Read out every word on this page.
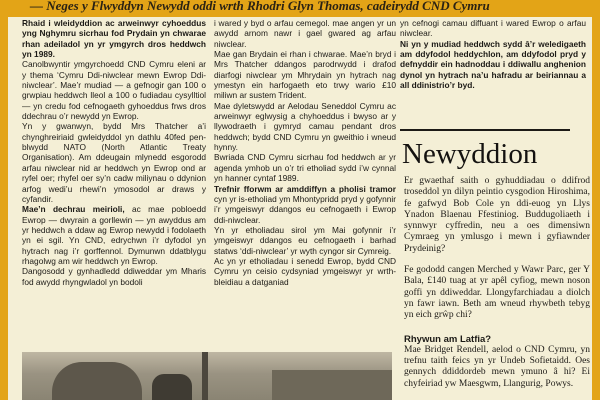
— Neges y Flwyddyn Newydd oddi wrth Rhodri Glyn Thomas, cadeirydd CND Cymru

Rhaid i wleidyddion ac arweinwyr cyhoeddus yng Nghymru sicrhau fod Prydain yn chwarae rhan adeiladol yn yr ymgyrch dros heddwch yn 1989.

Canolbwyntir ymgyrchoedd CND Cymru eleni ar y thema ‘Cymru Ddi-niwclear mewn Ewrop Ddi-niwclear’. Mae’r mudiad — a gefnogir gan 100 o grwpiau heddwch lleol a 100 o fudiadau cysylltiol — yn credu fod cefnogaeth gyhoeddus frws dros ddechrau o’r newydd yn Ewrop.

Yn y gwanwyn, bydd Mrs Thatcher a’i chynghreiriaid gwleidyddol yn dathlu 40fed pen-blwydd NATO (North Atlantic Treaty Organisation). Am ddeugain mlynedd esgorodd arfau niwclear nid ar heddwch yn Ewrop ond ar ryfel oer; rhyfel oer sy’n cadw miliynau o ddynion arfog wedi’u rhewi’n ymosodol ar draws y cyfandir.

Mae’n dechrau meirioli, ac mae pobloedd Ewrop — dwyrain a gorllewin — yn awyddus am yr heddwch a ddaw ag Ewrop newydd i fodolaeth yn ei sgil. Yn CND, edrychwn i’r dyfodol yn hytrach nag i’r gorffennol. Dymunwn ddatblygu rhagolwg am wir heddwch yn Ewrop.

Dangosodd y gynhadledd ddiweddar ym Mharis fod awydd rhyngwladol yn bodoli

i wared y byd o arfau cemegol. mae angen yr un awydd arnom nawr i gael gwared ag arfau niwclear.

Mae gan Brydain ei rhan i chwarae. Mae’n bryd i Mrs Thatcher ddangos parodrwydd i drafod diarfogi niwclear ym Mhrydain yn hytrach nag ymestyn ein harfogaeth eto trwy wario £10 miliwn ar sustem Trident.

Mae dyletswydd ar Aelodau Seneddol Cymru ac arweinwyr eglwysig a chyhoeddus i bwyso ar y llywodraeth i gymryd camau pendant dros heddwch; bydd CND Cymru yn gweithio i wneud hynny.

Bwriada CND Cymru sicrhau fod heddwch ar yr agenda ymhob un o’r tri etholiad sydd i’w cynnal yn hanner cyntaf 1989.

Trefnir fforwm ar amddiffyn a pholisi tramor cyn yr is-etholiad ym Mhontypridd pryd y gofynnir i’r ymgeiswyr ddangos eu cefnogaeth i Ewrop ddi-niwclear.

Yn yr etholiadau sirol ym Mai gofynnir i’r ymgeiswyr ddangos eu cefnogaeth i barhad statws ‘ddi-niwclear’ yr wyth cyngor sir Cymreig.

Ac yn yr etholiadau i senedd Ewrop, bydd CND Cymru yn ceisio cydsyniad ymgeiswyr yr wrth-bleidiau a datganiad

yn cefnogi camau diffuant i wared Ewrop o arfau niwclear.

Ni yn y mudiad heddwch sydd â’r weledigaeth am ddyfodol heddychlon, am ddyfodol pryd y defnyddir ein hadnoddau i ddiwallu anghenion dynol yn hytrach na’u hafradu ar beiriannau a all ddinistrio’r byd.

Newyddion

Er gwaethaf saith o gyhuddiadau o ddifrod troseddol yn dilyn peintio cysgodion Hiroshima, fe gafwyd Bob Cole yn ddi-euog yn Llys Ynadon Blaenau Ffestiniog. Buddugoliaeth i synnwyr cyffredin, neu a oes dimensiwn Cymraeg yn ymlusgo i mewn i gyfiawnder Prydeinig?

Fe gododd cangen Merched y Wawr Parc, ger Y Bala, £140 tuag at yr apêl cyfiog, mewn noson goffi yn ddiweddar. Llongyfarchiadau a diolch yn fawr iawn. Beth am wneud rhywbeth tebyg yn eich grŵp chi?

Rhywun am Latfia?

Mae Bridget Rendell, aelod o CND Cymru, yn trefnu taith feics yn yr Undeb Sofietaidd. Oes gennych ddiddordeb mewn ymuno â hi? Ei chyfeiriad yw Maesgwm, Llangurig, Powys.
